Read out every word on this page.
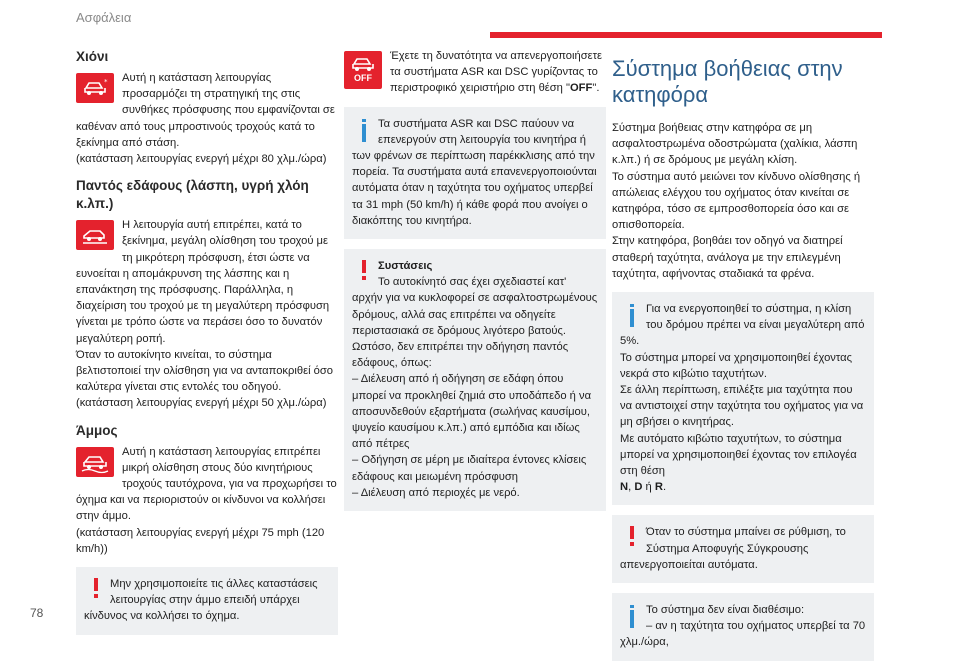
Ασφάλεια
Χιόνι
*	Αυτή η κατάσταση λειτουργίας προσαρμόζει τη στρατηγική της στις συνθήκες πρόσφυσης που εμφανίζονται σε καθέναν από τους μπροστινούς τροχούς κατά το ξεκίνημα από στάση.

(κατάσταση λειτουργίας ενεργή μέχρι 80 χλμ./ώρα)

Παντός εδάφους (λάσπη, υγρή χλόη κ.λπ.)

Η λειτουργία αυτή επιτρέπει, κατά το ξεκίνημα, μεγάλη ολίσθηση του τροχού με τη μικρότερη πρόσφυση, έτσι ώστε να ευνοείται η απομάκρυνση της λάσπης και η επανάκτηση της πρόσφυσης. Παράλληλα, η διαχείριση του τροχού με τη μεγαλύτερη πρόσφυση γίνεται με τρόπο ώστε να περάσει όσο το δυνατόν μεγαλύτερη ροπή.

Όταν το αυτοκίνητο κινείται, το σύστημα βελτιστοποιεί την ολίσθηση για να ανταποκριθεί όσο καλύτερα γίνεται στις εντολές του οδηγού.

(κατάσταση λειτουργίας ενεργή μέχρι 50 χλμ./ώρα)

Άμμος

Αυτή η κατάσταση λειτουργίας επιτρέπει μικρή ολίσθηση στους δύο κινητήριους τροχούς ταυτόχρονα, για να προχωρήσει το όχημα και να περιοριστούν οι κίνδυνοι να κολλήσει στην άμμο.

(κατάσταση λειτουργίας ενεργή μέχρι 75 mph (120 km/h))

Μην χρησιμοποιείτε τις άλλες καταστάσεις λειτουργίας στην άμμο επειδή υπάρχει κίνδυνος να κολλήσει το όχημα.

OFF

Έχετε τη δυνατότητα να απενεργοποιήσετε τα συστήματα ASR και DSC γυρίζοντας το περιστροφικό χειριστήριο στη θέση "OFF".

Τα συστήματα ASR και DSC παύουν να επενεργούν στη λειτουργία του κινητήρα ή των φρένων σε περίπτωση παρέκκλισης από την πορεία. Τα συστήματα αυτά επανενεργοποιούνται αυτόματα όταν η ταχύτητα του οχήματος υπερβεί τα 31 mph (50 km/h) ή κάθε φορά που ανοίγει ο διακόπτης του κινητήρα.

Συστάσεις

Το αυτοκίνητό σας έχει σχεδιαστεί κατ' αρχήν για να κυκλοφορεί σε ασφαλτοστρωμένους δρόμους, αλλά σας επιτρέπει να οδηγείτε περιστασιακά σε δρόμους λιγότερο βατούς.

Ωστόσο, δεν επιτρέπει την οδήγηση παντός εδάφους, όπως:

– Διέλευση από ή οδήγηση σε εδάφη όπου μπορεί να προκληθεί ζημιά στο υποδάπεδο ή να αποσυνδεθούν εξαρτήματα (σωλήνας καυσίμου, ψυγείο καυσίμου κ.λπ.) από εμπόδια και ιδίως από πέτρες

– Οδήγηση σε μέρη με ιδιαίτερα έντονες κλίσεις εδάφους και μειωμένη πρόσφυση

– Διέλευση από περιοχές με νερό.

Σύστημα βοήθειας στην κατηφόρα

Σύστημα βοήθειας στην κατηφόρα σε μη ασφαλτοστρωμένα οδοστρώματα (χαλίκια, λάσπη κ.λπ.) ή σε δρόμους με μεγάλη κλίση.

Το σύστημα αυτό μειώνει τον κίνδυνο ολίσθησης ή απώλειας ελέγχου του οχήματος όταν κινείται σε κατηφόρα, τόσο σε εμπροσθοπορεία όσο και σε οπισθοπορεία.

Στην κατηφόρα, βοηθάει τον οδηγό να διατηρεί σταθερή ταχύτητα, ανάλογα με την επιλεγμένη ταχύτητα, αφήνοντας σταδιακά τα φρένα.

Για να ενεργοποιηθεί το σύστημα, η κλίση του δρόμου πρέπει να είναι μεγαλύτερη από 5%.

Το σύστημα μπορεί να χρησιμοποιηθεί έχοντας νεκρά στο κιβώτιο ταχυτήτων.

Σε άλλη περίπτωση, επιλέξτε μια ταχύτητα που να αντιστοιχεί στην ταχύτητα του οχήματος για να μη σβήσει ο κινητήρας.

Με αυτόματο κιβώτιο ταχυτήτων, το σύστημα μπορεί να χρησιμοποιηθεί έχοντας τον επιλογέα στη θέση
N, D ή R.

Όταν το σύστημα μπαίνει σε ρύθμιση, το Σύστημα Αποφυγής Σύγκρουσης απενεργοποιείται αυτόματα.

Το σύστημα δεν είναι διαθέσιμο:

– αν η ταχύτητα του οχήματος υπερβεί τα 70 χλμ./ώρα,

78
